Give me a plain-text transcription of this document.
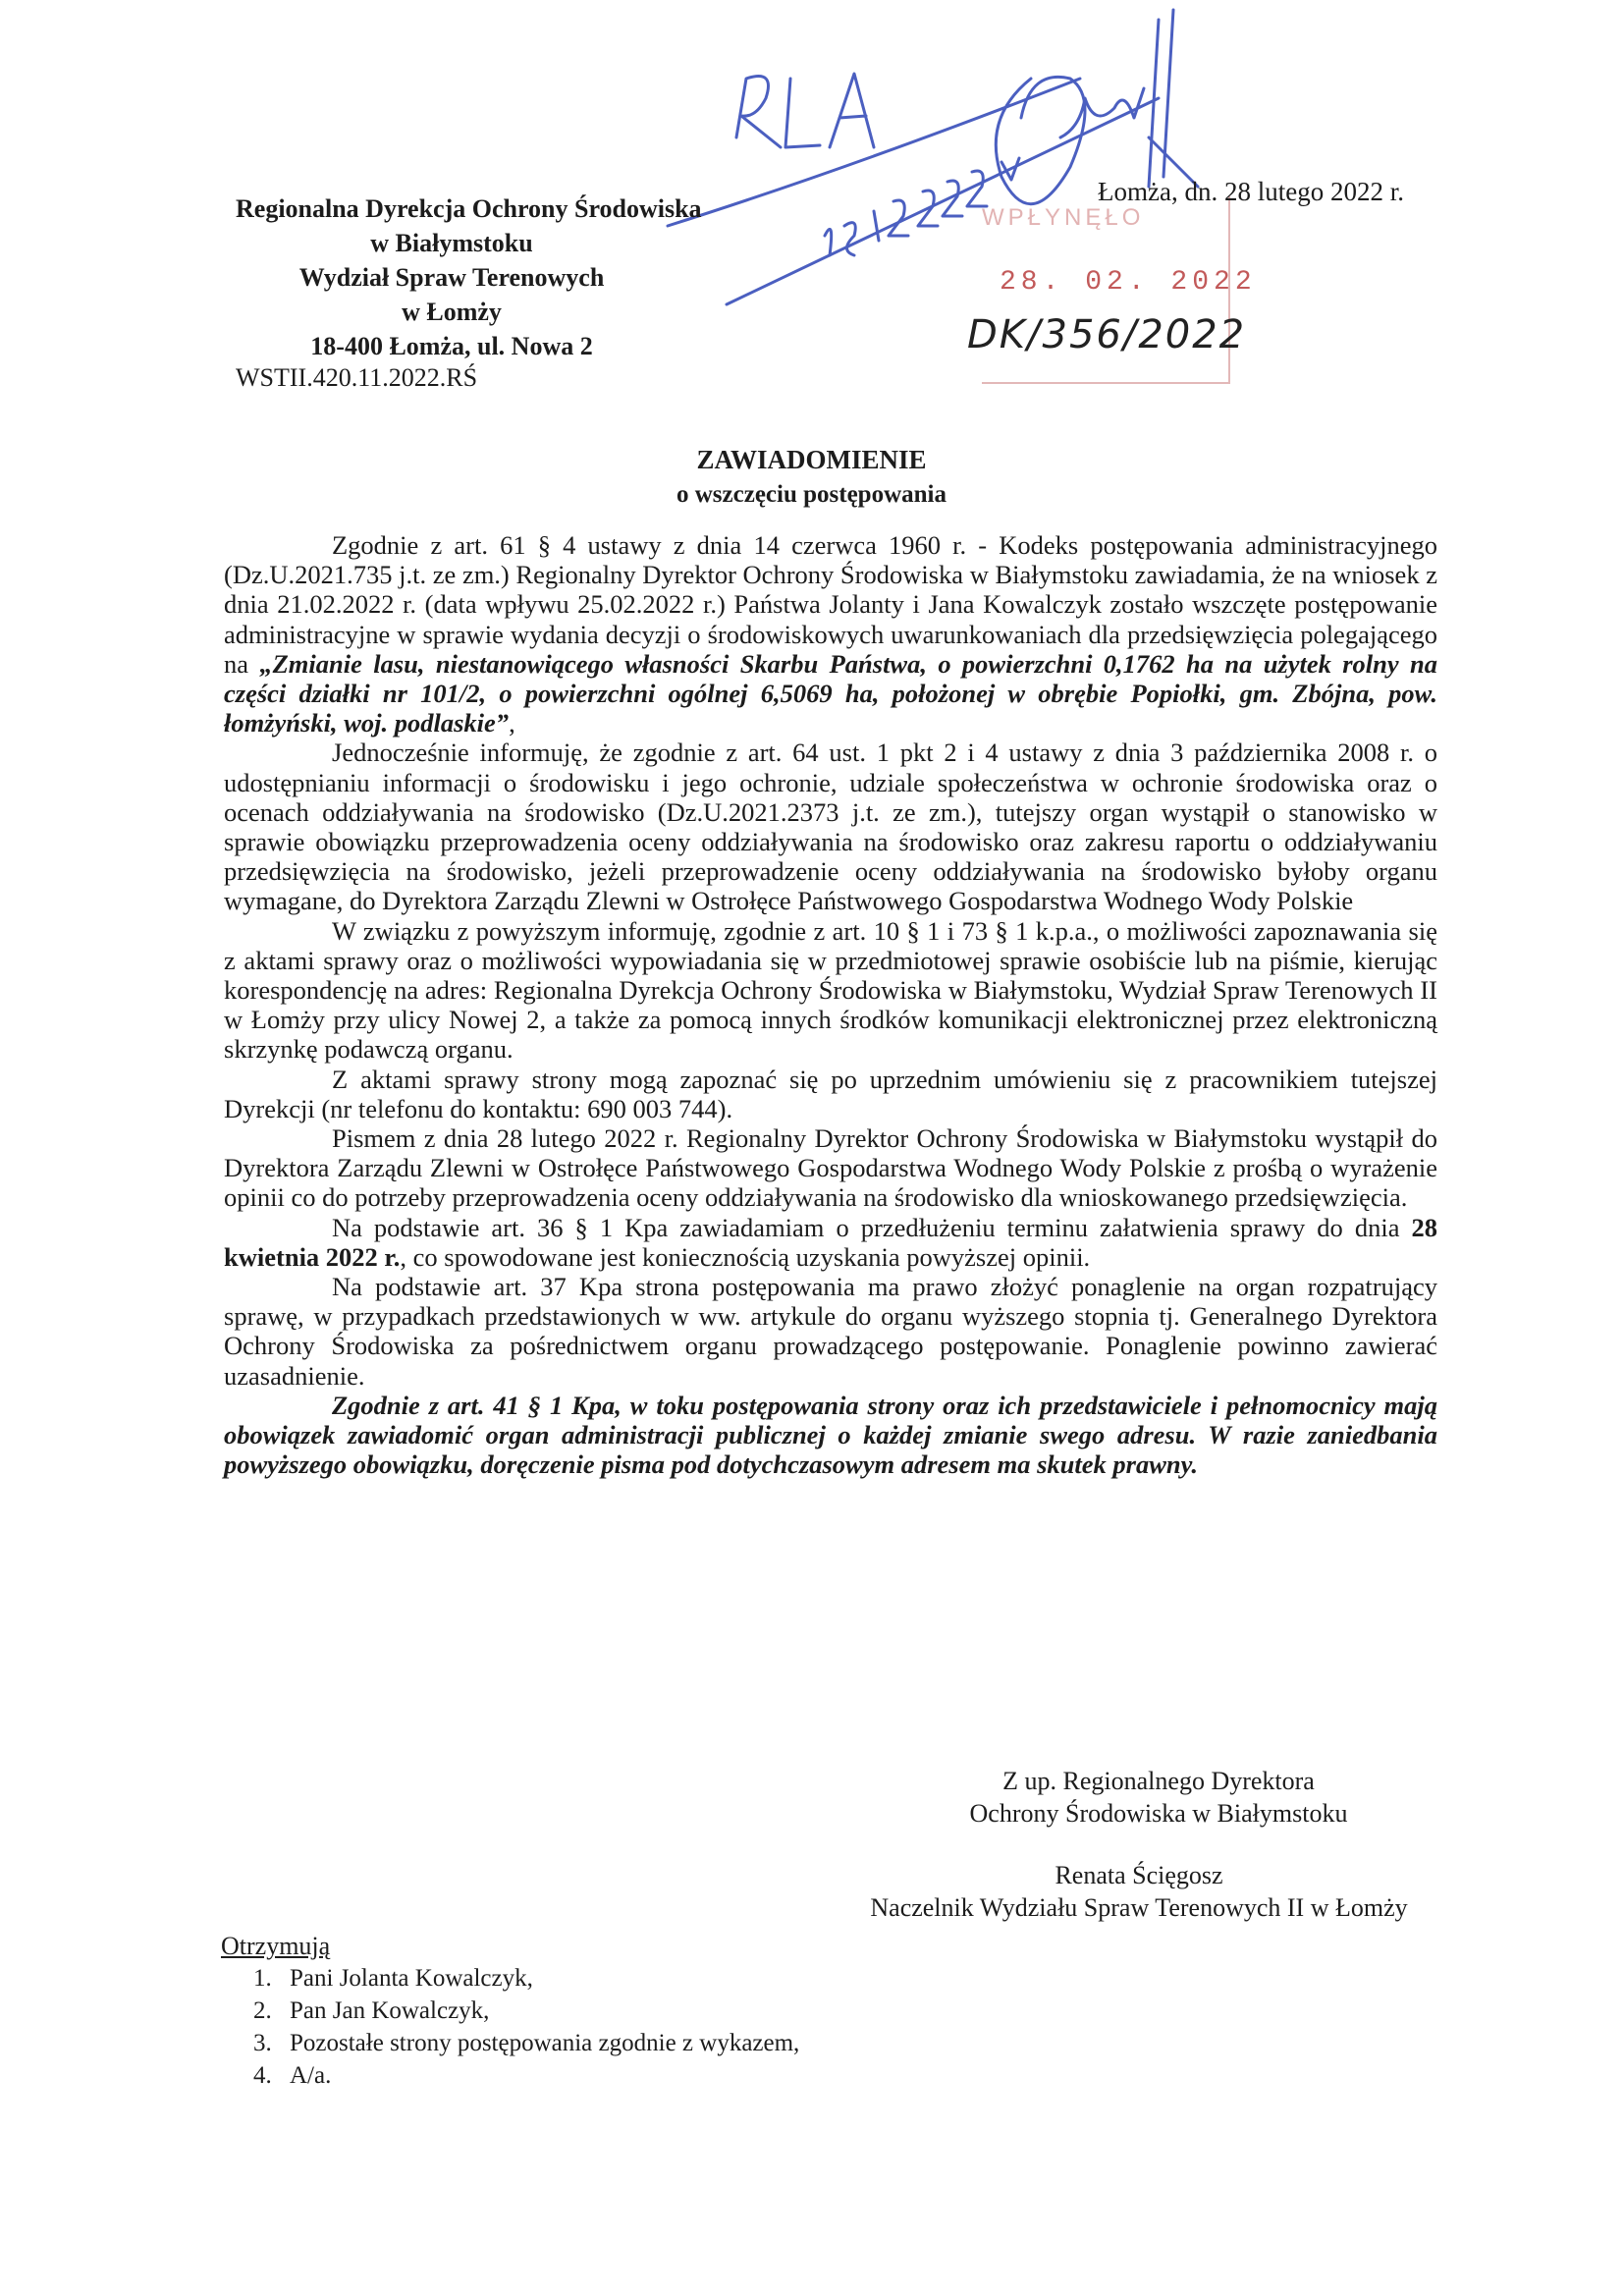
Regionalna Dyrekcja Ochrony Środowiska
w Białymstoku
Wydział Spraw Terenowych
w Łomży
18-400 Łomża, ul. Nowa 2
WSTII.420.11.2022.RŚ
WPŁYNĘŁO
28. 02. 2022
DK/356/2022
Łomża, dn. 28 lutego 2022 r.
ZAWIADOMIENIE
o wszczęciu postępowania

Zgodnie z art. 61 § 4 ustawy z dnia 14 czerwca 1960 r. - Kodeks postępowania administracyjnego (Dz.U.2021.735 j.t. ze zm.) Regionalny Dyrektor Ochrony Środowiska w Białymstoku zawiadamia, że na wniosek z dnia 21.02.2022 r. (data wpływu 25.02.2022 r.) Państwa Jolanty i Jana Kowalczyk zostało wszczęte postępowanie administracyjne w sprawie wydania decyzji o środowiskowych uwarunkowaniach dla przedsięwzięcia polegającego na „Zmianie lasu, niestanowiącego własności Skarbu Państwa, o powierzchni 0,1762 ha na użytek rolny na części działki nr 101/2, o powierzchni ogólnej 6,5069 ha, położonej w obrębie Popiołki, gm. Zbójna, pow. łomżyński, woj. podlaskie”,

Jednocześnie informuję, że zgodnie z art. 64 ust. 1 pkt 2 i 4 ustawy z dnia 3 października 2008 r. o udostępnianiu informacji o środowisku i jego ochronie, udziale społeczeństwa w ochronie środowiska oraz o ocenach oddziaływania na środowisko (Dz.U.2021.2373 j.t. ze zm.), tutejszy organ wystąpił o stanowisko w sprawie obowiązku przeprowadzenia oceny oddziaływania na środowisko oraz zakresu raportu o oddziaływaniu przedsięwzięcia na środowisko, jeżeli przeprowadzenie oceny oddziaływania na środowisko byłoby organu wymagane, do Dyrektora Zarządu Zlewni w Ostrołęce Państwowego Gospodarstwa Wodnego Wody Polskie

W związku z powyższym informuję, zgodnie z art. 10 § 1 i 73 § 1 k.p.a., o możliwości zapoznawania się z aktami sprawy oraz o możliwości wypowiadania się w przedmiotowej sprawie osobiście lub na piśmie, kierując korespondencję na adres: Regionalna Dyrekcja Ochrony Środowiska w Białymstoku, Wydział Spraw Terenowych II w Łomży przy ulicy Nowej 2, a także za pomocą innych środków komunikacji elektronicznej przez elektroniczną skrzynkę podawczą organu.

Z aktami sprawy strony mogą zapoznać się po uprzednim umówieniu się z pracownikiem tutejszej Dyrekcji (nr telefonu do kontaktu: 690 003 744).

Pismem z dnia 28 lutego 2022 r. Regionalny Dyrektor Ochrony Środowiska w Białymstoku wystąpił do Dyrektora Zarządu Zlewni w Ostrołęce Państwowego Gospodarstwa Wodnego Wody Polskie z prośbą o wyrażenie opinii co do potrzeby przeprowadzenia oceny oddziaływania na środowisko dla wnioskowanego przedsięwzięcia.

Na podstawie art. 36 § 1 Kpa zawiadamiam o przedłużeniu terminu załatwienia sprawy do dnia 28 kwietnia 2022 r., co spowodowane jest koniecznością uzyskania powyższej opinii.

Na podstawie art. 37 Kpa strona postępowania ma prawo złożyć ponaglenie na organ rozpatrujący sprawę, w przypadkach przedstawionych w ww. artykule do organu wyższego stopnia tj. Generalnego Dyrektora Ochrony Środowiska za pośrednictwem organu prowadzącego postępowanie. Ponaglenie powinno zawierać uzasadnienie.

Zgodnie z art. 41 § 1 Kpa, w toku postępowania strony oraz ich przedstawiciele i pełnomocnicy mają obowiązek zawiadomić organ administracji publicznej o każdej zmianie swego adresu. W razie zaniedbania powyższego obowiązku, doręczenie pisma pod dotychczasowym adresem ma skutek prawny.

Z up. Regionalnego Dyrektora
Ochrony Środowiska w Białymstoku
Renata Ścięgosz
Naczelnik Wydziału Spraw Terenowych II w Łomży
Otrzymują
1. Pani Jolanta Kowalczyk,
2. Pan Jan Kowalczyk,
3. Pozostałe strony postępowania zgodnie z wykazem,
4. A/a.
